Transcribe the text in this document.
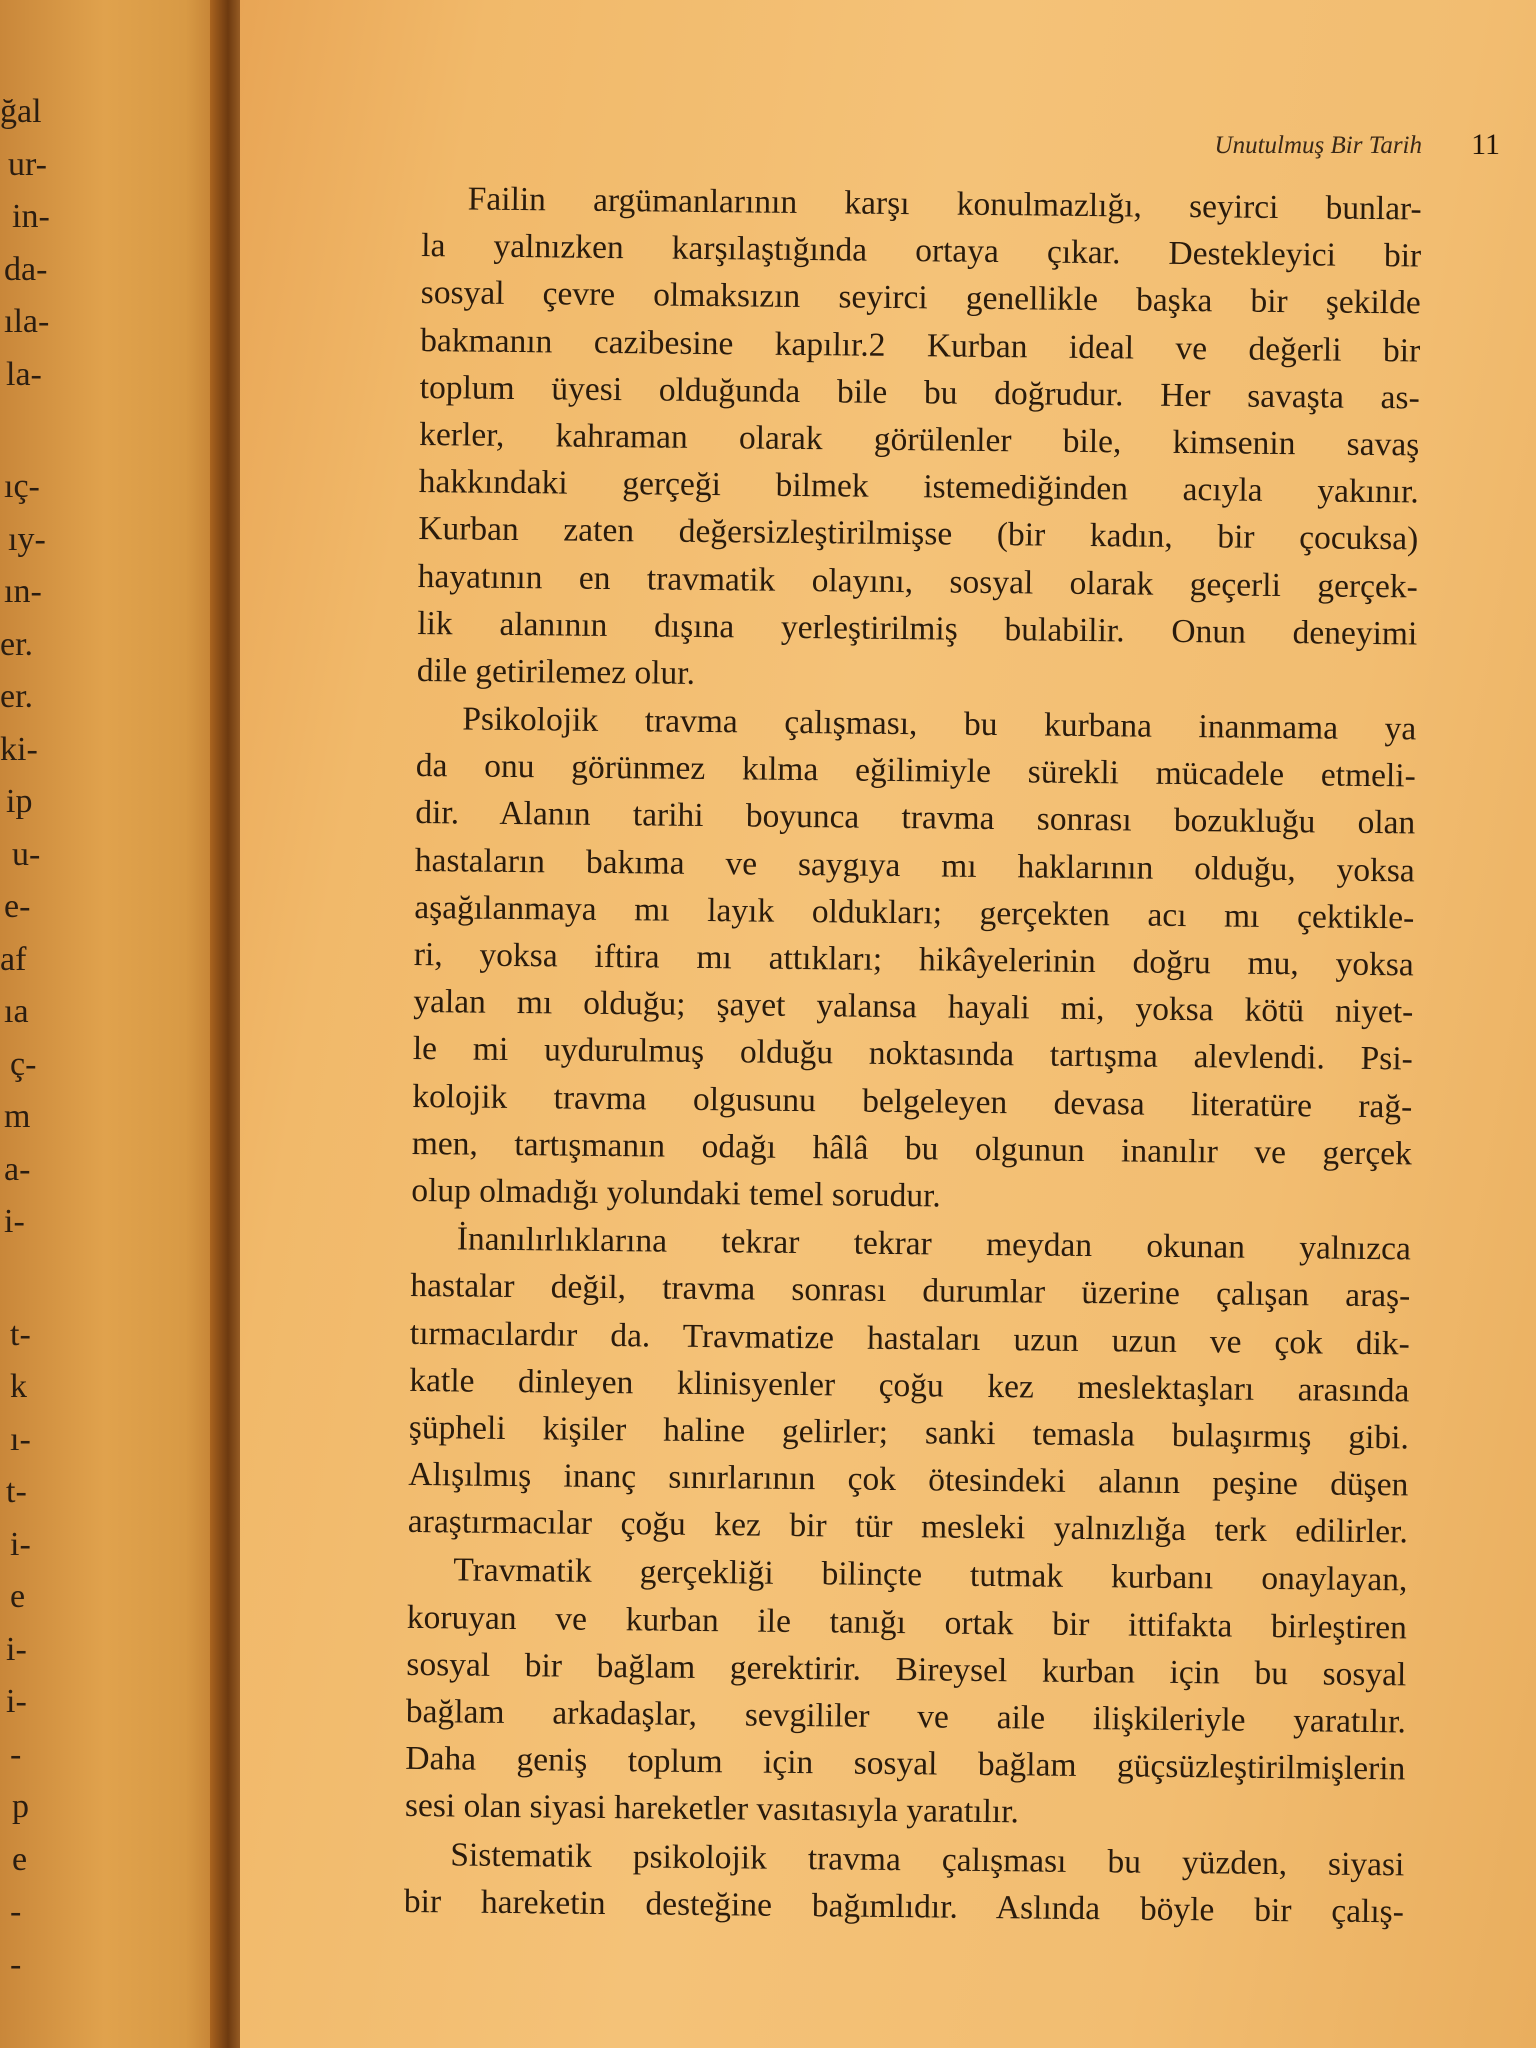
ğal
ur-
in-
da-
ıla-
la-
ıç-
ıy-
ın-
er.
er.
ki-
ip
u-
e-
af
ıa
ç-
m
a-
i-
t-
k
ı-
t-
i-
e
i-
i-
-
p
e
-
-
Unutulmuş Bir Tarih 11
Failin argümanlarının karşı konulmazlığı, seyirci bunlar-
la yalnızken karşılaştığında ortaya çıkar. Destekleyici bir
sosyal çevre olmaksızın seyirci genellikle başka bir şekilde
bakmanın cazibesine kapılır.2 Kurban ideal ve değerli bir
toplum üyesi olduğunda bile bu doğrudur. Her savaşta as-
kerler, kahraman olarak görülenler bile, kimsenin savaş
hakkındaki gerçeği bilmek istemediğinden acıyla yakınır.
Kurban zaten değersizleştirilmişse (bir kadın, bir çocuksa)
hayatının en travmatik olayını, sosyal olarak geçerli gerçek-
lik alanının dışına yerleştirilmiş bulabilir. Onun deneyimi
dile getirilemez olur.
Psikolojik travma çalışması, bu kurbana inanmama ya
da onu görünmez kılma eğilimiyle sürekli mücadele etmeli-
dir. Alanın tarihi boyunca travma sonrası bozukluğu olan
hastaların bakıma ve saygıya mı haklarının olduğu, yoksa
aşağılanmaya mı layık oldukları; gerçekten acı mı çektikle-
ri, yoksa iftira mı attıkları; hikâyelerinin doğru mu, yoksa
yalan mı olduğu; şayet yalansa hayali mi, yoksa kötü niyet-
le mi uydurulmuş olduğu noktasında tartışma alevlendi. Psi-
kolojik travma olgusunu belgeleyen devasa literatüre rağ-
men, tartışmanın odağı hâlâ bu olgunun inanılır ve gerçek
olup olmadığı yolundaki temel sorudur.
İnanılırlıklarına tekrar tekrar meydan okunan yalnızca
hastalar değil, travma sonrası durumlar üzerine çalışan araş-
tırmacılardır da. Travmatize hastaları uzun uzun ve çok dik-
katle dinleyen klinisyenler çoğu kez meslektaşları arasında
şüpheli kişiler haline gelirler; sanki temasla bulaşırmış gibi.
Alışılmış inanç sınırlarının çok ötesindeki alanın peşine düşen
araştırmacılar çoğu kez bir tür mesleki yalnızlığa terk edilirler.
Travmatik gerçekliği bilinçte tutmak kurbanı onaylayan,
koruyan ve kurban ile tanığı ortak bir ittifakta birleştiren
sosyal bir bağlam gerektirir. Bireysel kurban için bu sosyal
bağlam arkadaşlar, sevgililer ve aile ilişkileriyle yaratılır.
Daha geniş toplum için sosyal bağlam güçsüzleştirilmişlerin
sesi olan siyasi hareketler vasıtasıyla yaratılır.
Sistematik psikolojik travma çalışması bu yüzden, siyasi
bir hareketin desteğine bağımlıdır. Aslında böyle bir çalış-
